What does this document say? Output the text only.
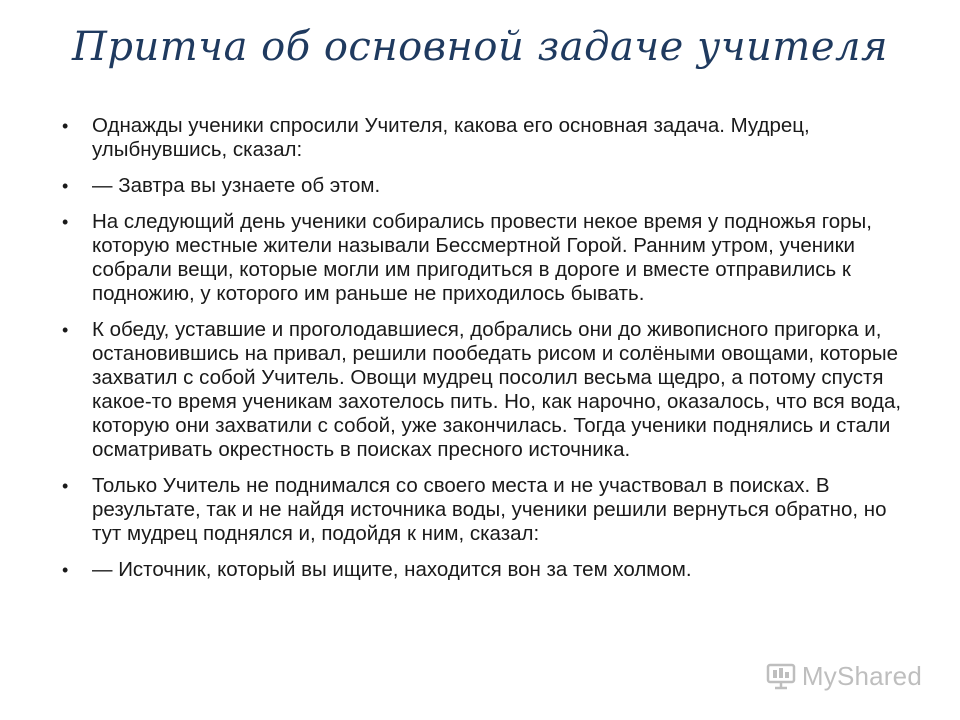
Притча об основной задаче учителя
• Однажды ученики спросили Учителя, какова его основная задача. Мудрец, улыбнувшись, сказал:
• — Завтра вы узнаете об этом.
• На следующий день ученики собирались провести некое время у подножья горы, которую местные жители называли Бессмертной Горой. Ранним утром, ученики собрали вещи, которые могли им пригодиться в дороге и вместе отправились к подножию, у которого им раньше не приходилось бывать.
• К обеду, уставшие и проголодавшиеся, добрались они до живописного пригорка и, остановившись на привал, решили пообедать рисом и солёными овощами, которые захватил с собой Учитель. Овощи мудрец посолил весьма щедро, а потому спустя какое-то время ученикам захотелось пить. Но, как нарочно, оказалось, что вся вода, которую они захватили с собой, уже закончилась. Тогда ученики поднялись и стали осматривать окрестность в поисках пресного источника.
• Только Учитель не поднимался со своего места и не участвовал в поисках. В результате, так и не найдя источника воды, ученики решили вернуться обратно, но тут мудрец поднялся и, подойдя к ним, сказал:
• — Источник, который вы ищите, находится вон за тем холмом.
MyShared
